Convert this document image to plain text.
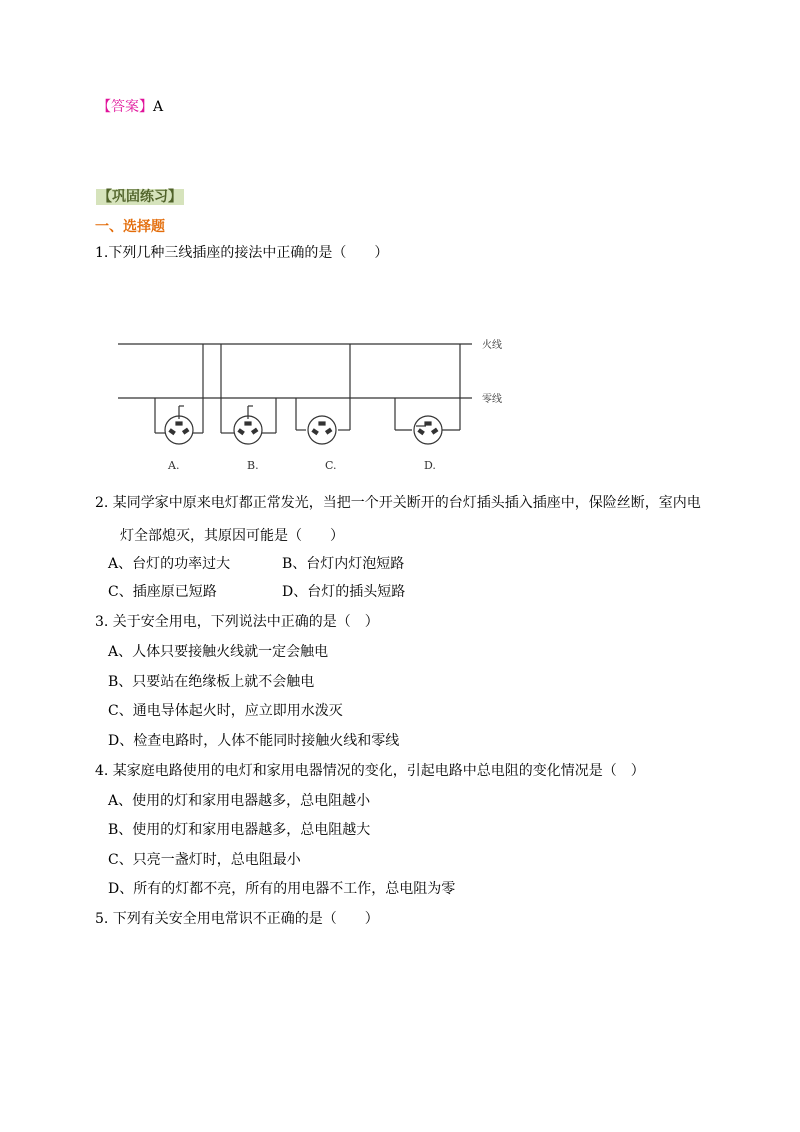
【答案】A
【巩固练习】
一、选择题
1.下列几种三线插座的接法中正确的是（　　）
火线
零线
A.	B.	C.	D.
2. 某同学家中原来电灯都正常发光，当把一个开关断开的台灯插头插入插座中，保险丝断，室内电
灯全部熄灭，其原因可能是（　　）
A、台灯的功率过大	B、台灯内灯泡短路
C、插座原已短路	D、台灯的插头短路
3. 关于安全用电，下列说法中正确的是（　）
A、人体只要接触火线就一定会触电
B、只要站在绝缘板上就不会触电
C、通电导体起火时，应立即用水泼灭
D、检查电路时，人体不能同时接触火线和零线
4. 某家庭电路使用的电灯和家用电器情况的变化，引起电路中总电阻的变化情况是（　）
A、使用的灯和家用电器越多，总电阻越小
B、使用的灯和家用电器越多，总电阻越大
C、只亮一盏灯时，总电阻最小
D、所有的灯都不亮，所有的用电器不工作，总电阻为零
5. 下列有关安全用电常识不正确的是（　　）
